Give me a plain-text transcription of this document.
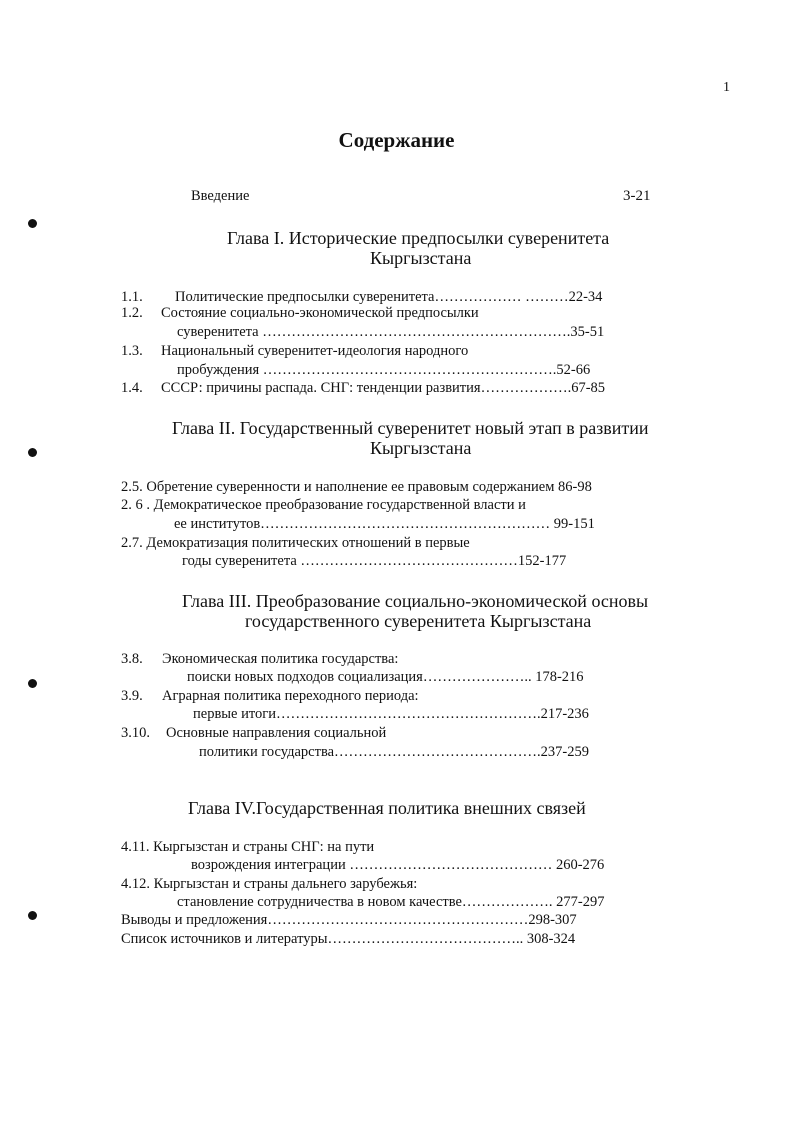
1
Содержание
Введение	3-21
Глава I. Исторические предпосылки суверенитета
Кыргызстана
1.1. Политические предпосылки суверенитета……………… ………22-34
1.2. Состояние социально-экономической предпосылки
суверенитета ……………………………………………………….35-51
1.3. Национальный суверенитет-идеология народного
пробуждения …………………………………………………….52-66
1.4. СССР: причины распада. СНГ: тенденции развития……………….67-85
Глава II. Государственный суверенитет новый этап в развитии
Кыргызстана
2.5. Обретение суверенности и наполнение ее правовым содержанием 86-98
2. 6 . Демократическое преобразование государственной власти и
ее институтов…………………………………………………… 99-151
2.7. Демократизация политических отношений в первые
годы суверенитета ………………………………………152-177
Глава III. Преобразование социально-экономической основы
государственного суверенитета Кыргызстана
3.8. Экономическая политика государства:
поиски новых подходов социализация………………….. 178-216
3.9. Аграрная политика переходного периода:
первые итоги……………………………………………….217-236
3.10. Основные направления социальной
политики государства…………………………………….237-259
Глава IV.Государственная политика внешних связей
4.11. Кыргызстан и страны СНГ: на пути
возрождения интеграции …………………………………… 260-276
4.12. Кыргызстан и страны дальнего зарубежья:
становление сотрудничества в новом качестве………………. 277-297
Выводы и предложения………………………………………………298-307
Список источников и литературы………………………………….. 308-324
